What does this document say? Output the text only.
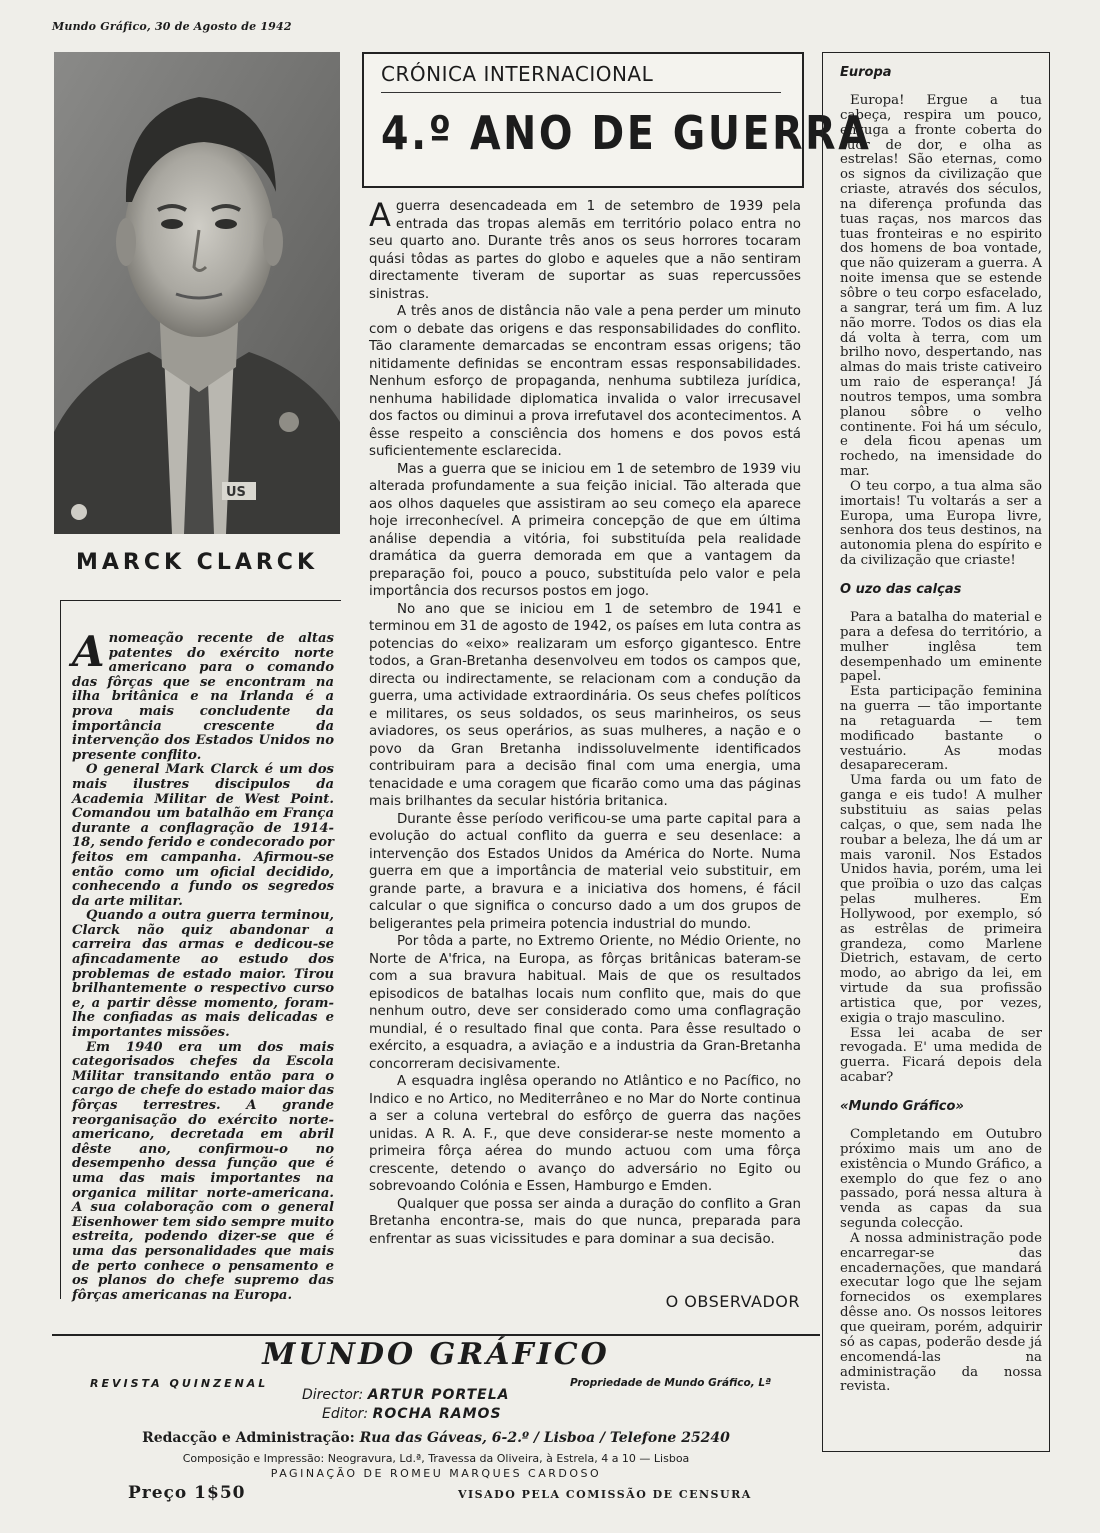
Mundo Gráfico, 30 de Agosto de 1942
US
MARCK CLARCK

Anomeação recente de altas patentes do exército norte americano para o comando das fôrças que se encontram na ilha britânica e na Irlanda é a prova mais concludente da importância crescente da intervenção dos Estados Unidos no presente conflito.

O general Mark Clarck é um dos mais ilustres discipulos da Academia Militar de West Point. Comandou um batalhão em França durante a conflagração de 1914-18, sendo ferido e condecorado por feitos em campanha. Afirmou-se então como um oficial decidido, conhecendo a fundo os segredos da arte militar.

Quando a outra guerra terminou, Clarck não quiz abandonar a carreira das armas e dedicou-se afincadamente ao estudo dos problemas de estado maior. Tirou brilhantemente o respectivo curso e, a partir dêsse momento, foram-lhe confiadas as mais delicadas e importantes missões.

Em 1940 era um dos mais categorisados chefes da Escola Militar transitando então para o cargo de chefe do estado maior das fôrças terrestres. A grande reorganisação do exército norte-americano, decretada em abril dêste ano, confirmou-o no desempenho dessa função que é uma das mais importantes na organica militar norte-americana. A sua colaboração com o general Eisenhower tem sido sempre muito estreita, podendo dizer-se que é uma das personalidades que mais de perto conhece o pensamento e os planos do chefe supremo das fôrças americanas na Europa.

CRÓNICA INTERNACIONAL
4.º ANO DE GUERRA

Aguerra desencadeada em 1 de setembro de 1939 pela entrada das tropas alemãs em território polaco entra no seu quarto ano. Durante três anos os seus horrores tocaram quási tôdas as partes do globo e aqueles que a não sentiram directamente tiveram de suportar as suas repercussões sinistras.

A três anos de distância não vale a pena perder um minuto com o debate das origens e das responsabilidades do conflito. Tão claramente demarcadas se encontram essas origens; tão nitidamente definidas se encontram essas responsabilidades. Nenhum esforço de propaganda, nenhuma subtileza jurídica, nenhuma habilidade diplomatica invalida o valor irrecusavel dos factos ou diminui a prova irrefutavel dos acontecimentos. A êsse respeito a consciência dos homens e dos povos está suficientemente esclarecida.

Mas a guerra que se iniciou em 1 de setembro de 1939 viu alterada profundamente a sua feição inicial. Tão alterada que aos olhos daqueles que assistiram ao seu começo ela aparece hoje irreconhecível. A primeira concepção de que em última análise dependia a vitória, foi substituída pela realidade dramática da guerra demorada em que a vantagem da preparação foi, pouco a pouco, substituída pelo valor e pela importância dos recursos postos em jogo.

No ano que se iniciou em 1 de setembro de 1941 e terminou em 31 de agosto de 1942, os países em luta contra as potencias do «eixo» realizaram um esforço gigantesco. Entre todos, a Gran-Bretanha desenvolveu em todos os campos que, directa ou indirectamente, se relacionam com a condução da guerra, uma actividade extraordinária. Os seus chefes políticos e militares, os seus soldados, os seus marinheiros, os seus aviadores, os seus operários, as suas mulheres, a nação e o povo da Gran Bretanha indissoluvelmente identificados contribuiram para a decisão final com uma energia, uma tenacidade e uma coragem que ficarão como uma das páginas mais brilhantes da secular história britanica.

Durante êsse período verificou-se uma parte capital para a evolução do actual conflito da guerra e seu desenlace: a intervenção dos Estados Unidos da América do Norte. Numa guerra em que a importância de material veio substituir, em grande parte, a bravura e a iniciativa dos homens, é fácil calcular o que significa o concurso dado a um dos grupos de beligerantes pela primeira potencia industrial do mundo.

Por tôda a parte, no Extremo Oriente, no Médio Oriente, no Norte de A'frica, na Europa, as fôrças britânicas bateram-se com a sua bravura habitual. Mais de que os resultados episodicos de batalhas locais num conflito que, mais do que nenhum outro, deve ser considerado como uma conflagração mundial, é o resultado final que conta. Para êsse resultado o exército, a esquadra, a aviação e a industria da Gran-Bretanha concorreram decisivamente.

A esquadra inglêsa operando no Atlântico e no Pacífico, no Indico e no Artico, no Mediterrâneo e no Mar do Norte continua a ser a coluna vertebral do esfôrço de guerra das nações unidas. A R. A. F., que deve considerar-se neste momento a primeira fôrça aérea do mundo actuou com uma fôrça crescente, detendo o avanço do adversário no Egito ou sobrevoando Colónia e Essen, Hamburgo e Emden.

Qualquer que possa ser ainda a duração do conflito a Gran Bretanha encontra-se, mais do que nunca, preparada para enfrentar as suas vicissitudes e para dominar a sua decisão.

O OBSERVADOR
Europa

Europa! Ergue a tua cabeça, respira um pouco, enxuga a fronte coberta do suor de dor, e olha as estrelas! São eternas, como os signos da civilização que criaste, através dos séculos, na diferença profunda das tuas raças, nos marcos das tuas fronteiras e no espirito dos homens de boa vontade, que não quizeram a guerra. A noite imensa que se estende sôbre o teu corpo esfacelado, a sangrar, terá um fim. A luz não morre. Todos os dias ela dá volta à terra, com um brilho novo, despertando, nas almas do mais triste cativeiro um raio de esperança! Já noutros tempos, uma sombra planou sôbre o velho continente. Foi há um século, e dela ficou apenas um rochedo, na imensidade do mar.

O teu corpo, a tua alma são imortais! Tu voltarás a ser a Europa, uma Europa livre, senhora dos teus destinos, na autonomia plena do espírito e da civilização que criaste!

O uzo das calças

Para a batalha do material e para a defesa do território, a mulher inglêsa tem desempenhado um eminente papel.

Esta participação feminina na guerra — tão importante na retaguarda — tem modificado bastante o vestuário. As modas desapareceram.

Uma farda ou um fato de ganga e eis tudo! A mulher substituiu as saias pelas calças, o que, sem nada lhe roubar a beleza, lhe dá um ar mais varonil. Nos Estados Unidos havia, porém, uma lei que proïbia o uzo das calças pelas mulheres. Em Hollywood, por exemplo, só as estrêlas de primeira grandeza, como Marlene Dietrich, estavam, de certo modo, ao abrigo da lei, em virtude da sua profissão artistica que, por vezes, exigia o trajo masculino.

Essa lei acaba de ser revogada. E' uma medida de guerra. Ficará depois dela acabar?

«Mundo Gráfico»

Completando em Outubro próximo mais um ano de existência o Mundo Gráfico, a exemplo do que fez o ano passado, porá nessa altura à venda as capas da sua segunda colecção.

A nossa administração pode encarregar-se das encadernações, que mandará executar logo que lhe sejam fornecidos os exemplares dêsse ano. Os nossos leitores que queiram, porém, adquirir só as capas, poderão desde já encomendá-las na administração da nossa revista.

MUNDO GRÁFICO
REVISTA QUINZENAL	Propriedade de Mundo Gráfico, Lª
Director: ARTUR PORTELA
Editor: ROCHA RAMOS
Redacção e Administração: Rua das Gáveas, 6-2.º / Lisboa / Telefone 25240
Composição e Impressão: Neogravura, Ld.ª, Travessa da Oliveira, à Estrela, 4 a 10 — Lisboa
PAGINAÇÃO DE ROMEU MARQUES CARDOSO
Preço 1$50	VISADO PELA COMISSÃO DE CENSURA
